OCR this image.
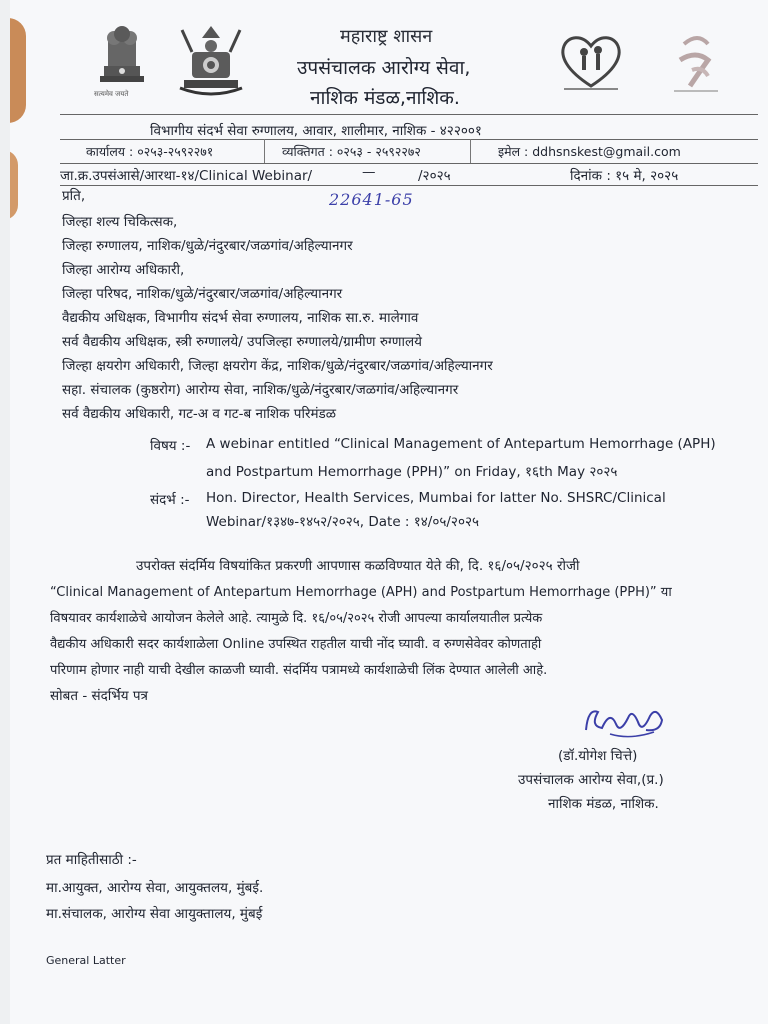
सत्यमेव जयते
महाराष्ट्र शासन
उपसंचालक आरोग्य सेवा,
नाशिक मंडळ,नाशिक.
विभागीय संदर्भ सेवा रुग्णालय, आवार, शालीमार, नाशिक - ४२२००१
कार्यालय : ०२५३-२५९२२७१	व्यक्तिगत : ०२५३ - २५९२२७२	इमेल : ddhsnskest@gmail.com
जा.क्र.उपसंआसे/आरथा-१४/Clinical Webinar/	—	/२०२५	दिनांक : १५ मे, २०२५
22641-65
प्रति,
जिल्हा शल्य चिकित्सक,
जिल्हा रुग्णालय, नाशिक/धुळे/नंदुरबार/जळगांव/अहिल्यानगर
जिल्हा आरोग्य अधिकारी,
जिल्हा परिषद, नाशिक/धुळे/नंदुरबार/जळगांव/अहिल्यानगर
वैद्यकीय अधिक्षक, विभागीय संदर्भ सेवा रुग्णालय, नाशिक सा.रु. मालेगाव
सर्व वैद्यकीय अधिक्षक, स्त्री रुग्णालये/ उपजिल्हा रुग्णालये/ग्रामीण रुग्णालये
जिल्हा क्षयरोग अधिकारी, जिल्हा क्षयरोग केंद्र, नाशिक/धुळे/नंदुरबार/जळगांव/अहिल्यानगर
सहा. संचालक (कुष्ठरोग) आरोग्य सेवा, नाशिक/धुळे/नंदुरबार/जळगांव/अहिल्यानगर
सर्व वैद्यकीय अधिकारी, गट-अ व गट-ब नाशिक परिमंडळ
विषय :- A webinar entitled “Clinical Management of Antepartum Hemorrhage (APH)
and Postpartum Hemorrhage (PPH)” on Friday, १६th May २०२५
संदर्भ :- Hon. Director, Health Services, Mumbai for latter No. SHSRC/Clinical
Webinar/१३४७-१४५२/२०२५, Date : १४/०५/२०२५
उपरोक्त संदर्मिय विषयांकित प्रकरणी आपणास कळविण्यात येते की, दि. १६/०५/२०२५ रोजी
“Clinical Management of Antepartum Hemorrhage (APH) and Postpartum Hemorrhage (PPH)” या
विषयावर कार्यशाळेचे आयोजन केलेले आहे. त्यामुळे दि. १६/०५/२०२५ रोजी आपल्या कार्यालयातील प्रत्येक
वैद्यकीय अधिकारी सदर कार्यशाळेला Online उपस्थित राहतील याची नोंद घ्यावी. व रुग्णसेवेवर कोणताही
परिणाम होणार नाही याची देखील काळजी घ्यावी. संदर्मिय पत्रामध्ये कार्यशाळेची लिंक देण्यात आलेली आहे.
सोबत - संदर्भिय पत्र
(डॉ.योगेश चित्ते)
उपसंचालक आरोग्य सेवा,(प्र.)
नाशिक मंडळ, नाशिक.
प्रत माहितीसाठी :-
मा.आयुक्त, आरोग्य सेवा, आयुक्तलय, मुंबई.
मा.संचालक, आरोग्य सेवा आयुक्तालय, मुंबई
General Latter
